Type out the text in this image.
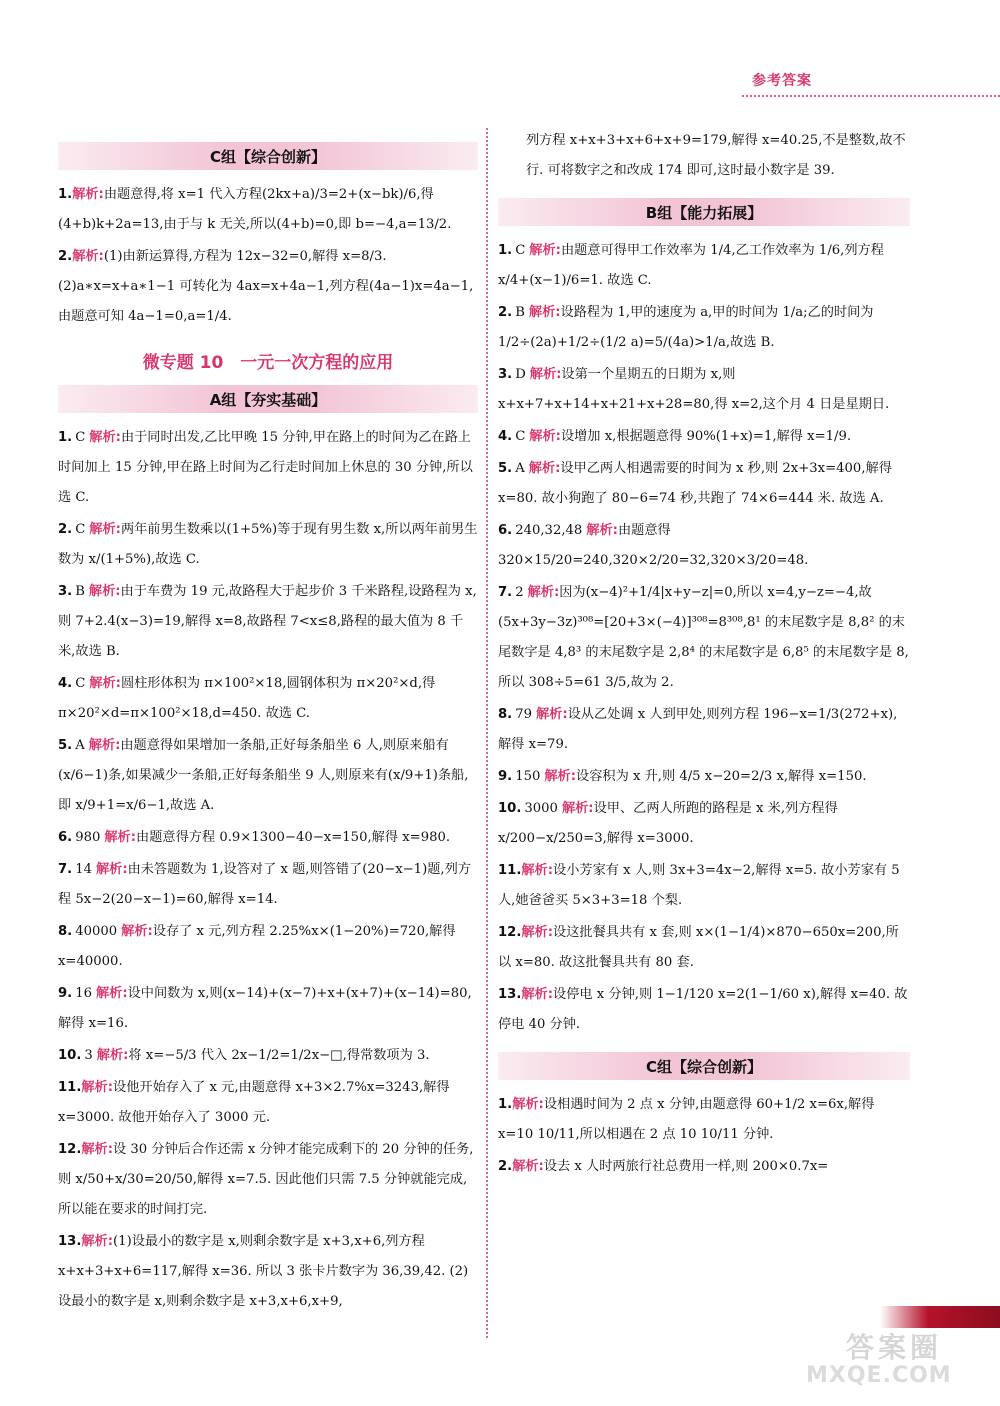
参考答案
C组【综合创新】
1.解析:由题意得,将 x=1 代入方程(2kx+a)/3=2+(x−bk)/6,得(4+b)k+2a=13,由于与 k 无关,所以(4+b)=0,即 b=−4,a=13/2.
2.解析:(1)由新运算得,方程为 12x−32=0,解得 x=8/3. (2)a∗x=x+a∗1−1 可转化为 4ax=x+4a−1,列方程(4a−1)x=4a−1,由题意可知 4a−1=0,a=1/4.
微专题 10　一元一次方程的应用
A组【夯实基础】
1. C 解析:由于同时出发,乙比甲晚 15 分钟,甲在路上的时间为乙在路上时间加上 15 分钟,甲在路上时间为乙行走时间加上休息的 30 分钟,所以选 C.
2. C 解析:两年前男生数乘以(1+5%)等于现有男生数 x,所以两年前男生数为 x/(1+5%),故选 C.
3. B 解析:由于车费为 19 元,故路程大于起步价 3 千米路程,设路程为 x,则 7+2.4(x−3)=19,解得 x=8,故路程 7<x≤8,路程的最大值为 8 千米,故选 B.
4. C 解析:圆柱形体积为 π×100²×18,圆钢体积为 π×20²×d,得 π×20²×d=π×100²×18,d=450. 故选 C.
5. A 解析:由题意得如果增加一条船,正好每条船坐 6 人,则原来船有(x/6−1)条,如果减少一条船,正好每条船坐 9 人,则原来有(x/9+1)条船,即 x/9+1=x/6−1,故选 A.
6. 980 解析:由题意得方程 0.9×1300−40−x=150,解得 x=980.
7. 14 解析:由未答题数为 1,设答对了 x 题,则答错了(20−x−1)题,列方程 5x−2(20−x−1)=60,解得 x=14.
8. 40000 解析:设存了 x 元,列方程 2.25%x×(1−20%)=720,解得 x=40000.
9. 16 解析:设中间数为 x,则(x−14)+(x−7)+x+(x+7)+(x−14)=80,解得 x=16.
10. 3 解析:将 x=−5/3 代入 2x−1/2=1/2x−□,得常数项为 3.
11.解析:设他开始存入了 x 元,由题意得 x+3×2.7%x=3243,解得 x=3000. 故他开始存入了 3000 元.
12.解析:设 30 分钟后合作还需 x 分钟才能完成剩下的 20 分钟的任务,则 x/50+x/30=20/50,解得 x=7.5. 因此他们只需 7.5 分钟就能完成,所以能在要求的时间打完.
13.解析:(1)设最小的数字是 x,则剩余数字是 x+3,x+6,列方程 x+x+3+x+6=117,解得 x=36. 所以 3 张卡片数字为 36,39,42. (2)设最小的数字是 x,则剩余数字是 x+3,x+6,x+9,
列方程 x+x+3+x+6+x+9=179,解得 x=40.25,不是整数,故不行. 可将数字之和改成 174 即可,这时最小数字是 39.
B组【能力拓展】
1. C 解析:由题意可得甲工作效率为 1/4,乙工作效率为 1/6,列方程 x/4+(x−1)/6=1. 故选 C.
2. B 解析:设路程为 1,甲的速度为 a,甲的时间为 1/a;乙的时间为 1/2÷(2a)+1/2÷(1/2 a)=5/(4a)>1/a,故选 B.
3. D 解析:设第一个星期五的日期为 x,则 x+x+7+x+14+x+21+x+28=80,得 x=2,这个月 4 日是星期日.
4. C 解析:设增加 x,根据题意得 90%(1+x)=1,解得 x=1/9.
5. A 解析:设甲乙两人相遇需要的时间为 x 秒,则 2x+3x=400,解得 x=80. 故小狗跑了 80−6=74 秒,共跑了 74×6=444 米. 故选 A.
6. 240,32,48 解析:由题意得 320×15/20=240,320×2/20=32,320×3/20=48.
7. 2 解析:因为(x−4)²+1/4|x+y−z|=0,所以 x=4,y−z=−4,故(5x+3y−3z)³⁰⁸=[20+3×(−4)]³⁰⁸=8³⁰⁸,8¹ 的末尾数字是 8,8² 的末尾数字是 4,8³ 的末尾数字是 2,8⁴ 的末尾数字是 6,8⁵ 的末尾数字是 8,所以 308÷5=61 3/5,故为 2.
8. 79 解析:设从乙处调 x 人到甲处,则列方程 196−x=1/3(272+x),解得 x=79.
9. 150 解析:设容积为 x 升,则 4/5 x−20=2/3 x,解得 x=150.
10. 3000 解析:设甲、乙两人所跑的路程是 x 米,列方程得 x/200−x/250=3,解得 x=3000.
11.解析:设小芳家有 x 人,则 3x+3=4x−2,解得 x=5. 故小芳家有 5 人,她爸爸买 5×3+3=18 个梨.
12.解析:设这批餐具共有 x 套,则 x×(1−1/4)×870−650x=200,所以 x=80. 故这批餐具共有 80 套.
13.解析:设停电 x 分钟,则 1−1/120 x=2(1−1/60 x),解得 x=40. 故停电 40 分钟.
C组【综合创新】
1.解析:设相遇时间为 2 点 x 分钟,由题意得 60+1/2 x=6x,解得 x=10 10/11,所以相遇在 2 点 10 10/11 分钟.
2.解析:设去 x 人时两旅行社总费用一样,则 200×0.7x=
答案圈
MXQE.COM
